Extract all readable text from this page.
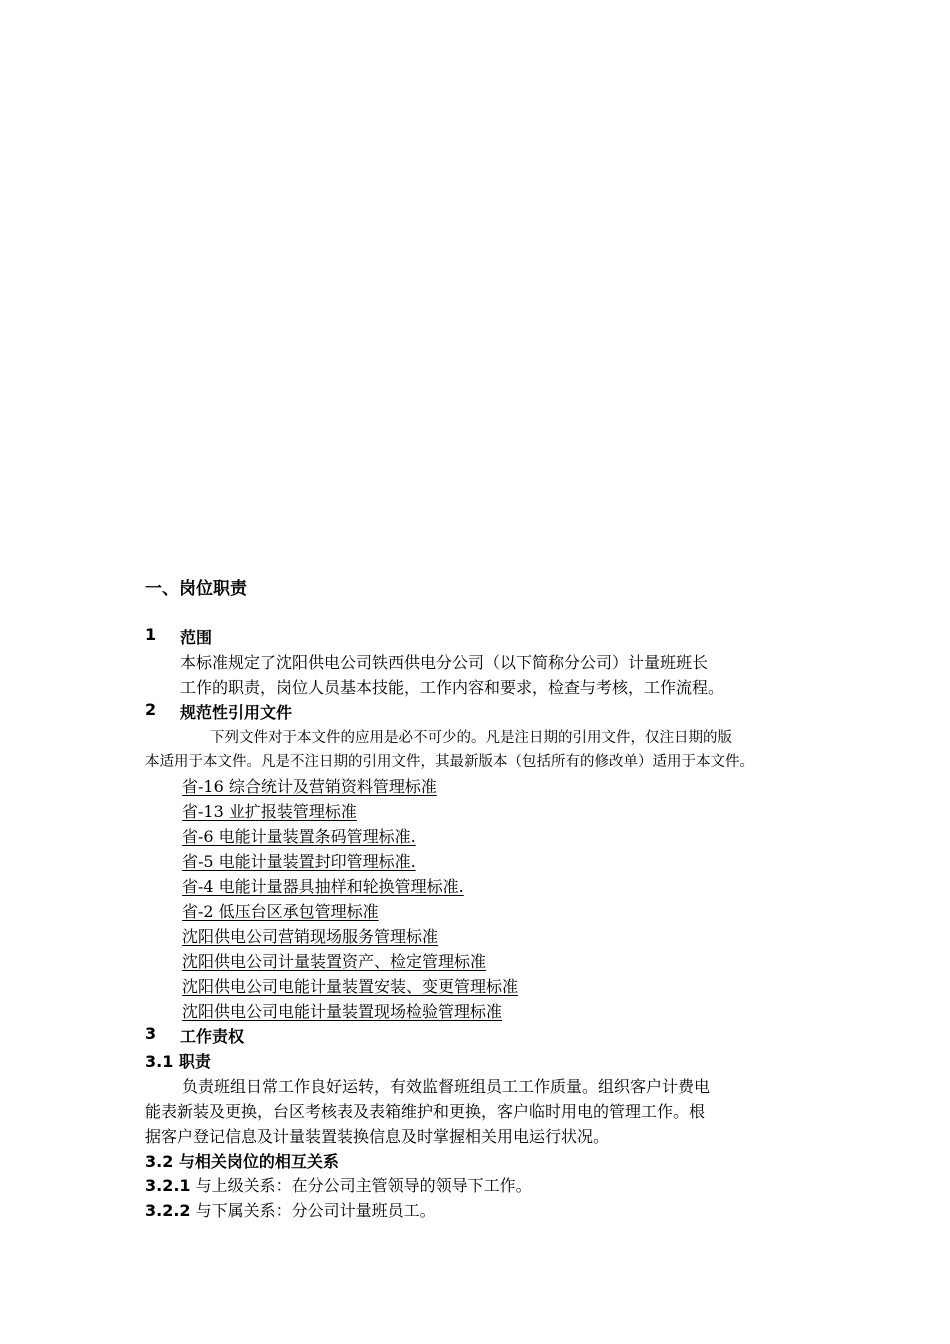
一、岗位职责
1 范围
本标准规定了沈阳供电公司铁西供电分公司（以下简称分公司）计量班班长
工作的职责，岗位人员基本技能，工作内容和要求，检查与考核，工作流程。
2 规范性引用文件
下列文件对于本文件的应用是必不可少的。凡是注日期的引用文件，仅注日期的版
本适用于本文件。凡是不注日期的引用文件，其最新版本（包括所有的修改单）适用于本文件。
省-16 综合统计及营销资料管理标准
省-13 业扩报装管理标准
省-6 电能计量装置条码管理标准.
省-5 电能计量装置封印管理标准.
省-4 电能计量器具抽样和轮换管理标准.
省-2 低压台区承包管理标准
沈阳供电公司营销现场服务管理标准
沈阳供电公司计量装置资产、检定管理标准
沈阳供电公司电能计量装置安装、变更管理标准
沈阳供电公司电能计量装置现场检验管理标准
3 工作责权
3.1 职责
负责班组日常工作良好运转，有效监督班组员工工作质量。组织客户计费电
能表新装及更换，台区考核表及表箱维护和更换，客户临时用电的管理工作。根
据客户登记信息及计量装置装换信息及时掌握相关用电运行状况。
3.2 与相关岗位的相互关系
3.2.1 与上级关系：在分公司主管领导的领导下工作。
3.2.2 与下属关系：分公司计量班员工。
